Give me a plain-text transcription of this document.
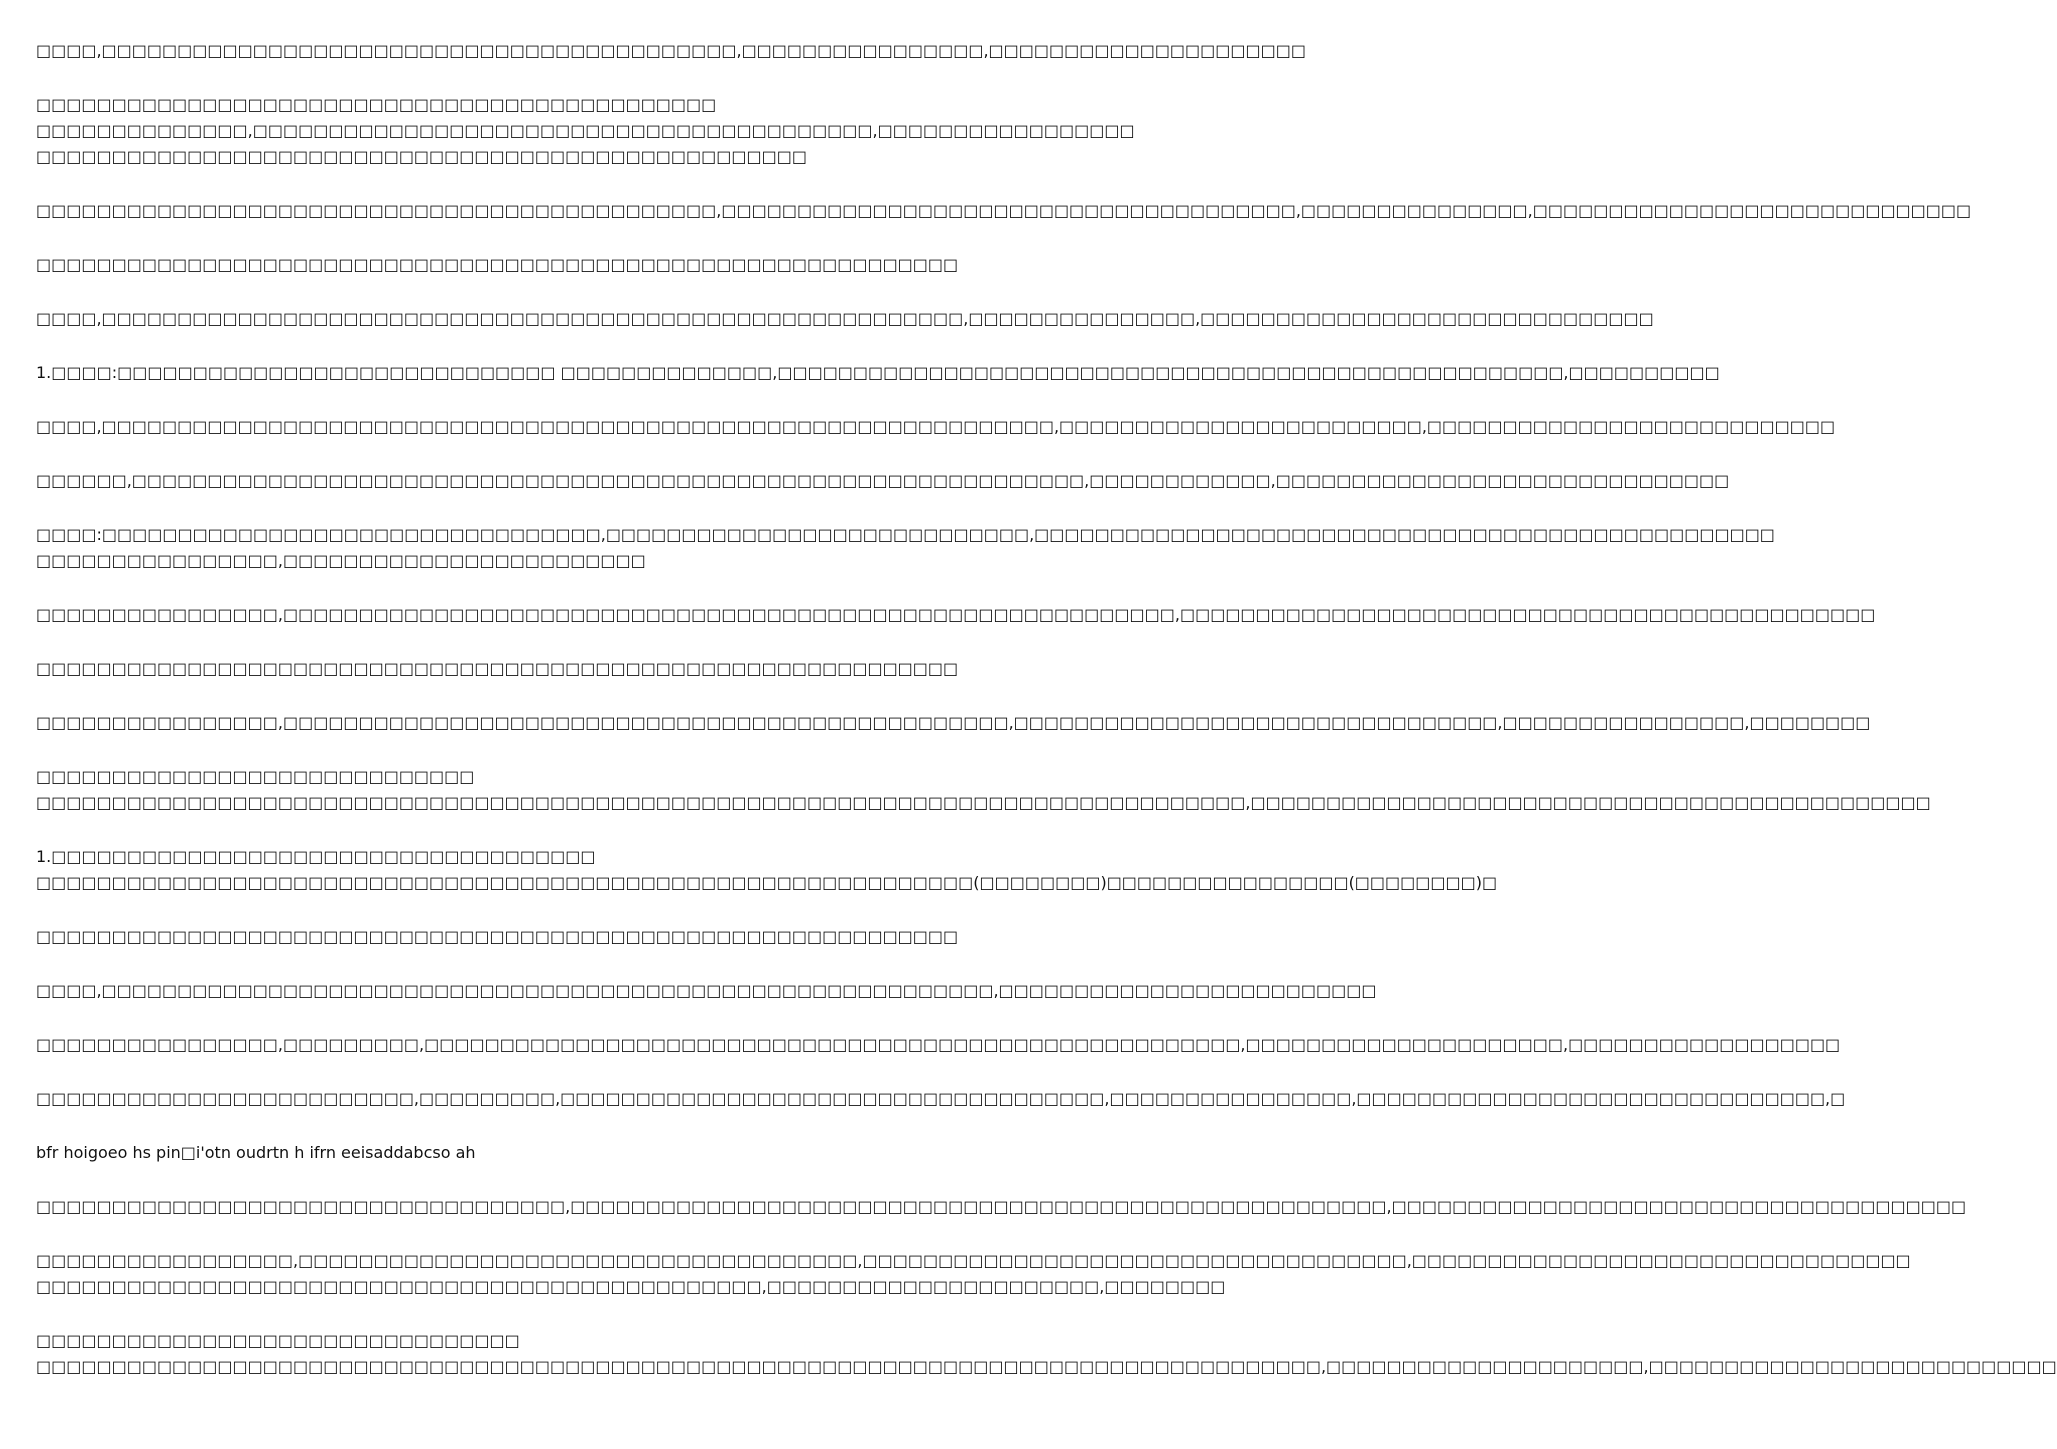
□□□□,□□□□□□□□□□□□□□□□□□□□□□□□□□□□□□□□□□□□□□□□□□,□□□□□□□□□□□□□□□□,□□□□□□□□□□□□□□□□□□□□□
□□□□□□□□□□□□□□□□□□□□□□□□□□□□□□□□□□□□□□□□□□□□□
□□□□□□□□□□□□□□,□□□□□□□□□□□□□□□□□□□□□□□□□□□□□□□□□□□□□□□□□,□□□□□□□□□□□□□□□□□
□□□□□□□□□□□□□□□□□□□□□□□□□□□□□□□□□□□□□□□□□□□□□□□□□□□
□□□□□□□□□□□□□□□□□□□□□□□□□□□□□□□□□□□□□□□□□□□□□,□□□□□□□□□□□□□□□□□□□□□□□□□□□□□□□□□□□□□□,□□□□□□□□□□□□□□□,□□□□□□□□□□□□□□□□□□□□□□□□□□□□□
□□□□□□□□□□□□□□□□□□□□□□□□□□□□□□□□□□□□□□□□□□□□□□□□□□□□□□□□□□□□□
□□□□,□□□□□□□□□□□□□□□□□□□□□□□□□□□□□□□□□□□□□□□□□□□□□□□□□□□□□□□□□,□□□□□□□□□□□□□□□,□□□□□□□□□□□□□□□□□□□□□□□□□□□□□□
1.□□□□:□□□□□□□□□□□□□□□□□□□□□□□□□□□□□ □□□□□□□□□□□□□□,□□□□□□□□□□□□□□□□□□□□□□□□□□□□□□□□□□□□□□□□□□□□□□□□□□□□,□□□□□□□□□□
□□□□,□□□□□□□□□□□□□□□□□□□□□□□□□□□□□□□□□□□□□□□□□□□□□□□□□□□□□□□□□□□□□□□,□□□□□□□□□□□□□□□□□□□□□□□□,□□□□□□□□□□□□□□□□□□□□□□□□□□□
□□□□□□,□□□□□□□□□□□□□□□□□□□□□□□□□□□□□□□□□□□□□□□□□□□□□□□□□□□□□□□□□□□□□□□,□□□□□□□□□□□□,□□□□□□□□□□□□□□□□□□□□□□□□□□□□□□
□□□□:□□□□□□□□□□□□□□□□□□□□□□□□□□□□□□□□□,□□□□□□□□□□□□□□□□□□□□□□□□□□□□,□□□□□□□□□□□□□□□□□□□□□□□□□□□□□□□□□□□□□□□□□□□□□□□□□
□□□□□□□□□□□□□□□□,□□□□□□□□□□□□□□□□□□□□□□□□
□□□□□□□□□□□□□□□□,□□□□□□□□□□□□□□□□□□□□□□□□□□□□□□□□□□□□□□□□□□□□□□□□□□□□□□□□□□□,□□□□□□□□□□□□□□□□□□□□□□□□□□□□□□□□□□□□□□□□□□□□□□
□□□□□□□□□□□□□□□□□□□□□□□□□□□□□□□□□□□□□□□□□□□□□□□□□□□□□□□□□□□□□
□□□□□□□□□□□□□□□□,□□□□□□□□□□□□□□□□□□□□□□□□□□□□□□□□□□□□□□□□□□□□□□□□,□□□□□□□□□□□□□□□□□□□□□□□□□□□□□□□□,□□□□□□□□□□□□□□□□,□□□□□□□□
□□□□□□□□□□□□□□□□□□□□□□□□□□□□□
□□□□□□□□□□□□□□□□□□□□□□□□□□□□□□□□□□□□□□□□□□□□□□□□□□□□□□□□□□□□□□□□□□□□□□□□□□□□□□□□,□□□□□□□□□□□□□□□□□□□□□□□□□□□□□□□□□□□□□□□□□□□□□
1.□□□□□□□□□□□□□□□□□□□□□□□□□□□□□□□□□□□□
□□□□□□□□□□□□□□□□□□□□□□□□□□□□□□□□□□□□□□□□□□□□□□□□□□□□□□□□□□□□□□(□□□□□□□□)□□□□□□□□□□□□□□□□(□□□□□□□□)□
□□□□□□□□□□□□□□□□□□□□□□□□□□□□□□□□□□□□□□□□□□□□□□□□□□□□□□□□□□□□□
□□□□,□□□□□□□□□□□□□□□□□□□□□□□□□□□□□□□□□□□□□□□□□□□□□□□□□□□□□□□□□□□,□□□□□□□□□□□□□□□□□□□□□□□□□
□□□□□□□□□□□□□□□□,□□□□□□□□□,□□□□□□□□□□□□□□□□□□□□□□□□□□□□□□□□□□□□□□□□□□□□□□□□□□□□□□,□□□□□□□□□□□□□□□□□□□□□,□□□□□□□□□□□□□□□□□□
□□□□□□□□□□□□□□□□□□□□□□□□□,□□□□□□□□□,□□□□□□□□□□□□□□□□□□□□□□□□□□□□□□□□□□□□,□□□□□□□□□□□□□□□□,□□□□□□□□□□□□□□□□□□□□□□□□□□□□□□□,□
bfr hoigoeo hs pin□i'otn oudrtn h ifrn eeisaddabcso ah
□□□□□□□□□□□□□□□□□□□□□□□□□□□□□□□□□□□,□□□□□□□□□□□□□□□□□□□□□□□□□□□□□□□□□□□□□□□□□□□□□□□□□□□□□□,□□□□□□□□□□□□□□□□□□□□□□□□□□□□□□□□□□□□□□
□□□□□□□□□□□□□□□□□,□□□□□□□□□□□□□□□□□□□□□□□□□□□□□□□□□□□□□,□□□□□□□□□□□□□□□□□□□□□□□□□□□□□□□□□□□□,□□□□□□□□□□□□□□□□□□□□□□□□□□□□□□□□□
□□□□□□□□□□□□□□□□□□□□□□□□□□□□□□□□□□□□□□□□□□□□□□□□,□□□□□□□□□□□□□□□□□□□□□□,□□□□□□□□
□□□□□□□□□□□□□□□□□□□□□□□□□□□□□□□□
□□□□□□□□□□□□□□□□□□□□□□□□□□□□□□□□□□□□□□□□□□□□□□□□□□□□□□□□□□□□□□□□□□□□□□□□□□□□□□□□□□□□□,□□□□□□□□□□□□□□□□□□□□□,□□□□□□□□□□□□□□□□□□□□□□□□□□□
